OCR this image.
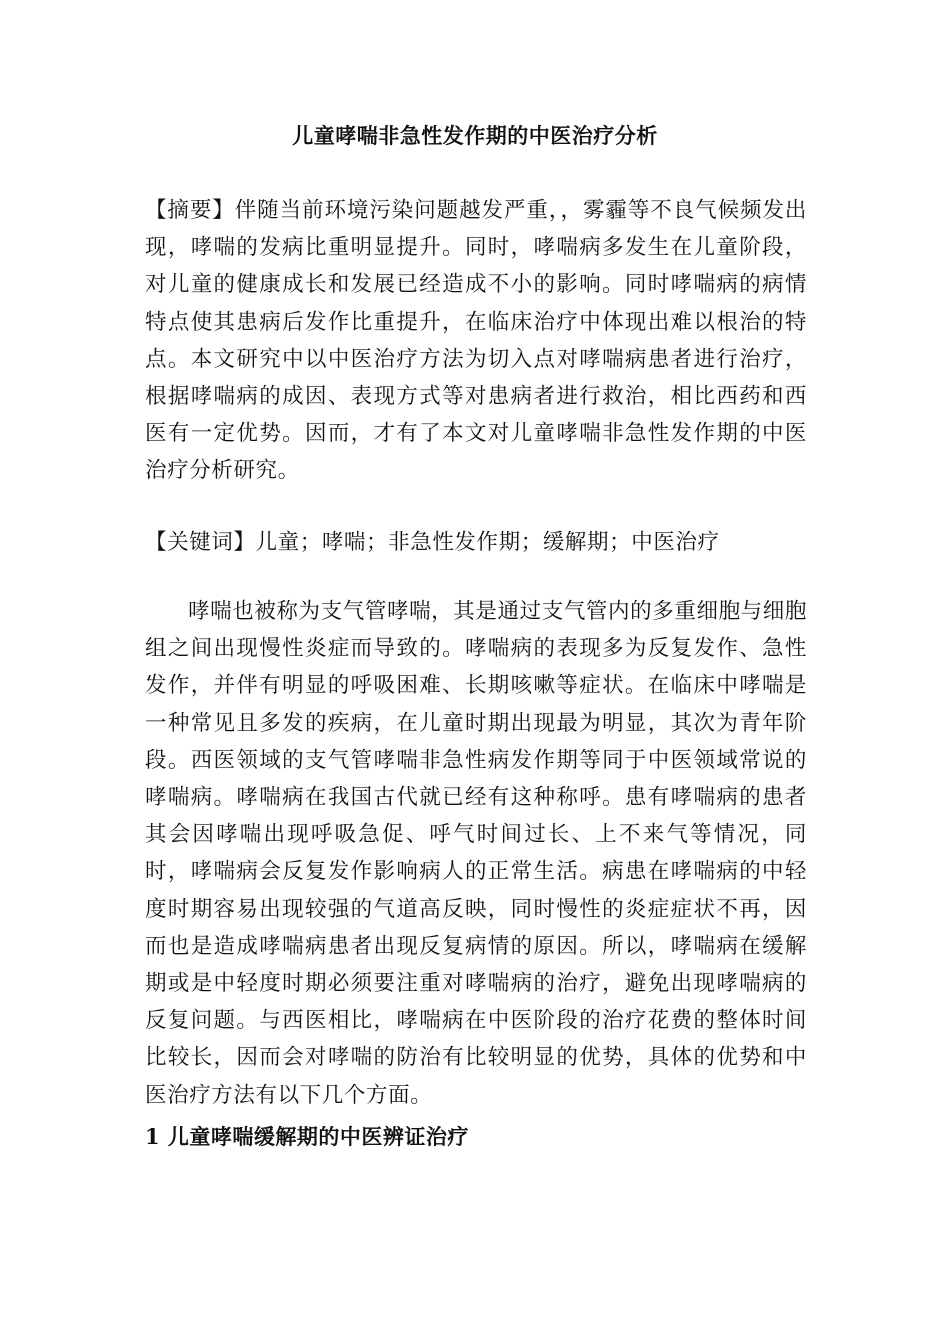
儿童哮喘非急性发作期的中医治疗分析
【摘要】伴随当前环境污染问题越发严重，，雾霾等不良气候频发出现，哮喘的发病比重明显提升。同时，哮喘病多发生在儿童阶段，对儿童的健康成长和发展已经造成不小的影响。同时哮喘病的病情特点使其患病后发作比重提升，在临床治疗中体现出难以根治的特点。本文研究中以中医治疗方法为切入点对哮喘病患者进行治疗，根据哮喘病的成因、表现方式等对患病者进行救治，相比西药和西医有一定优势。因而，才有了本文对儿童哮喘非急性发作期的中医治疗分析研究。
【关键词】儿童；哮喘；非急性发作期；缓解期；中医治疗
哮喘也被称为支气管哮喘，其是通过支气管内的多重细胞与细胞组之间出现慢性炎症而导致的。哮喘病的表现多为反复发作、急性发作，并伴有明显的呼吸困难、长期咳嗽等症状。在临床中哮喘是一种常见且多发的疾病，在儿童时期出现最为明显，其次为青年阶段。西医领域的支气管哮喘非急性病发作期等同于中医领域常说的哮喘病。哮喘病在我国古代就已经有这种称呼。患有哮喘病的患者其会因哮喘出现呼吸急促、呼气时间过长、上不来气等情况，同时，哮喘病会反复发作影响病人的正常生活。病患在哮喘病的中轻度时期容易出现较强的气道高反映，同时慢性的炎症症状不再，因而也是造成哮喘病患者出现反复病情的原因。所以，哮喘病在缓解期或是中轻度时期必须要注重对哮喘病的治疗，避免出现哮喘病的反复问题。与西医相比，哮喘病在中医阶段的治疗花费的整体时间比较长，因而会对哮喘的防治有比较明显的优势，具体的优势和中医治疗方法有以下几个方面。
1 儿童哮喘缓解期的中医辨证治疗
